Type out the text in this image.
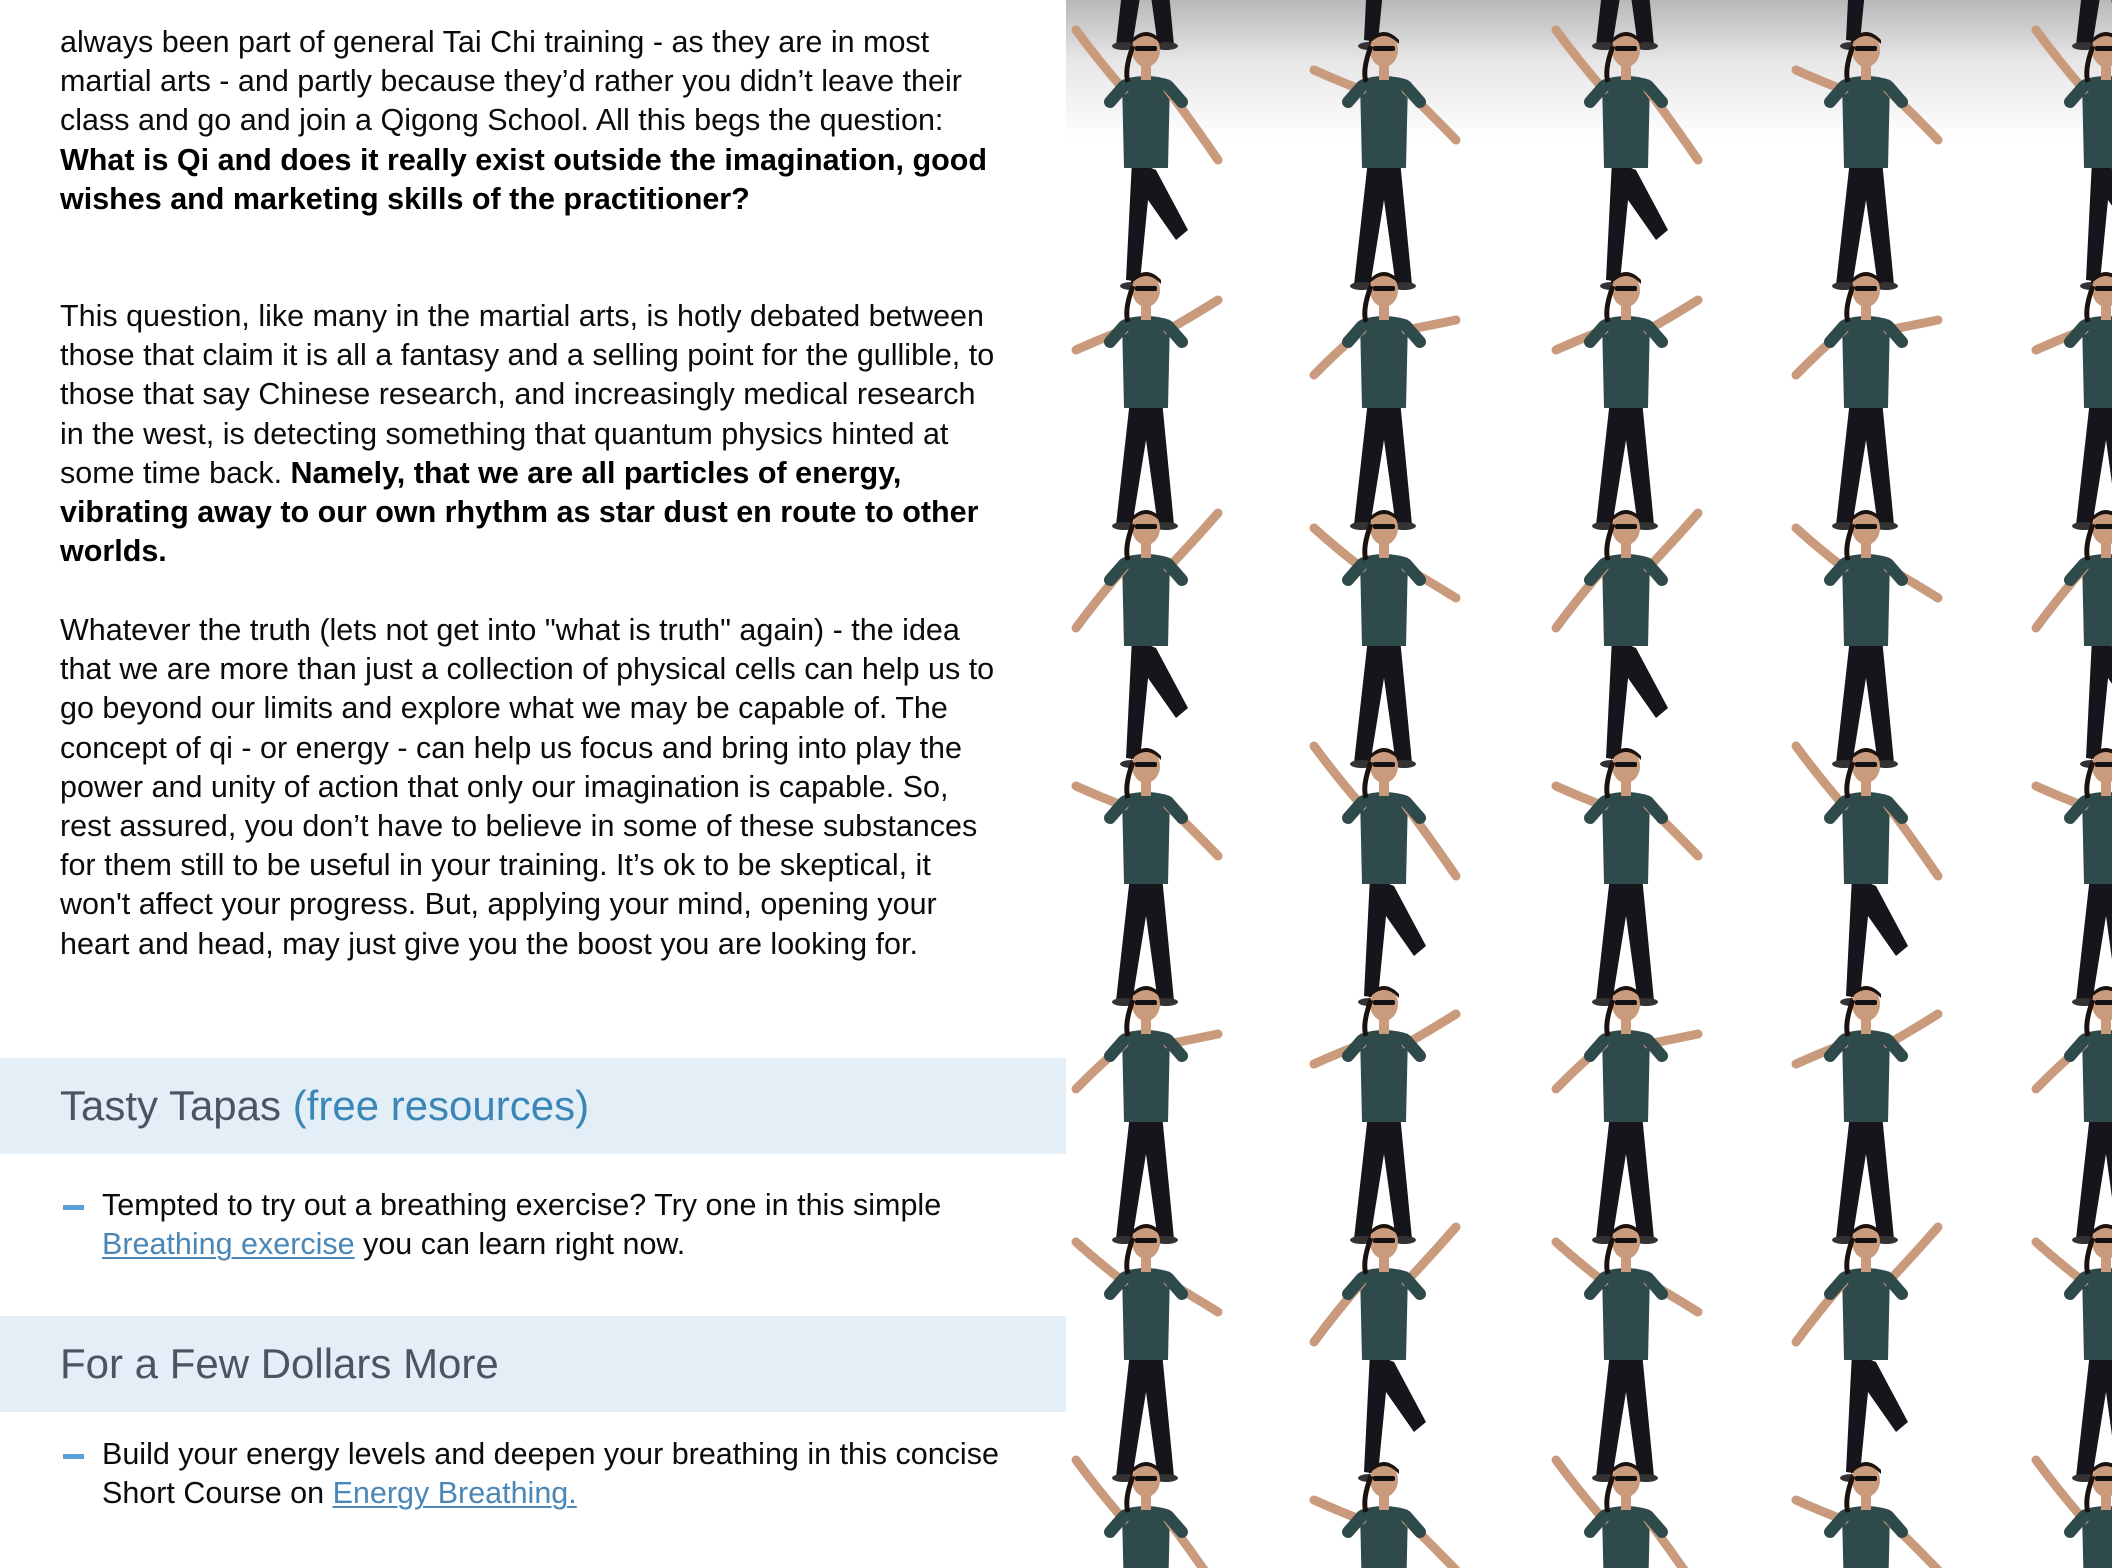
always been part of general Tai Chi training - as they are in most martial arts - and partly because they’d rather you didn’t leave their class and go and join a Qigong School. All this begs the question: What is Qi and does it really exist outside the imagination, good wishes and marketing skills of the practitioner?

This question, like many in the martial arts, is hotly debated between those that claim it is all a fantasy and a selling point for the gullible, to those that say Chinese research, and increasingly medical research in the west, is detecting something that quantum physics hinted at some time back. Namely, that we are all particles of energy, vibrating away to our own rhythm as star dust en route to other worlds.

Whatever the truth (lets not get into "what is truth" again) - the idea that we are more than just a collection of physical cells can help us to go beyond our limits and explore what we may be capable of. The concept of qi - or energy - can help us focus and bring into play the power and unity of action that only our imagination is capable. So, rest assured, you don’t have to believe in some of these substances for them still to be useful in your training. It’s ok to be skeptical, it won't affect your progress. But, applying your mind, opening your heart and head, may just give you the boost you are looking for.

Tasty Tapas (free resources)
Tempted to try out a breathing exercise? Try one in this simple Breathing exercise you can learn right now.
For a Few Dollars More
Build your energy levels and deepen your breathing in this concise Short Course on Energy Breathing.
